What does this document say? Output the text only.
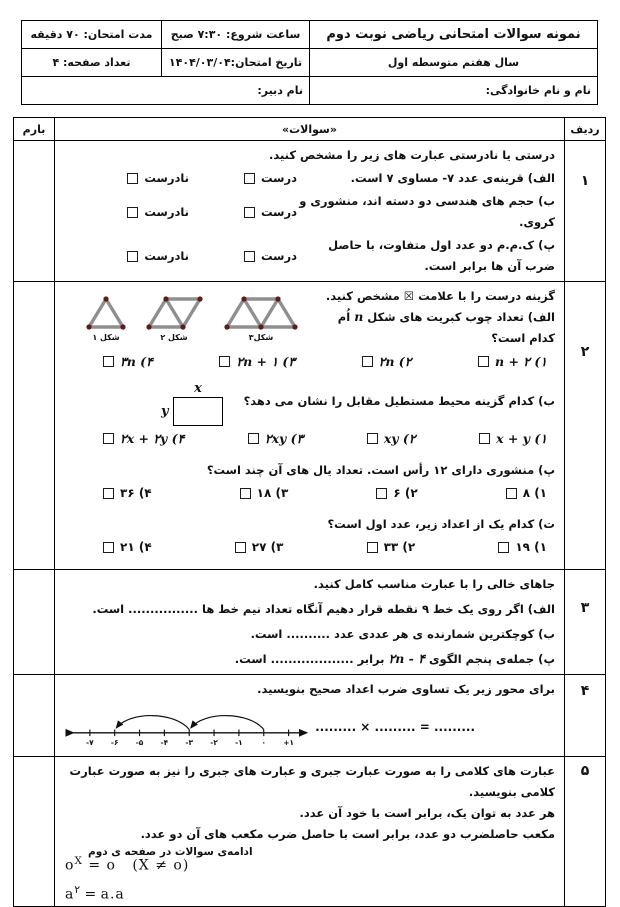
نمونه سوالات امتحانی ریاضی نوبت دوم	ساعت شروع: ۷:۳۰ صبح	مدت امتحان: ۷۰ دقیقه
سال هفتم متوسطه اول	تاریخ امتحان:۱۴۰۴/۰۳/۰۴	تعداد صفحه: ۴
نام و نام خانوادگی:	نام دبیر:	
ردیف	«سوالات»	بارم
۱	
درستی یا نادرستی عبارت های زیر را مشخص کنید.
الف) قرینه‌ی عدد ۷- مساوی ۷ است.
درست
نادرست
ب) حجم های هندسی دو دسته اند، منشوری و کروی.
درست
نادرست
پ) ک.م.م دو عدد اول متفاوت، با حاصل ضرب آن ها برابر است.
درست
نادرست

۲	
گزینه درست را با علامت ☒ مشخص کنید.
الف) تعداد چوب کبریت های شکل n اُم کدام است؟
شکل ۱	شکل ۲	شکل۳
n + ۲ (۱
۲n (۲
۲n + ۱ (۳
۳n (۴
ب) کدام گزینه محیط مستطیل مقابل را نشان می دهد؟
x
y
x + y (۱
xy (۲
۲xy (۳
۲x + ۲y (۴
پ) منشوری دارای ۱۲ رأس است. تعداد یال های آن چند است؟
۸ (۱
۶ (۲
۱۸ (۳
۳۶ (۴
ت) کدام یک از اعداد زیر، عدد اول است؟
۱۹ (۱
۳۳ (۲
۲۷ (۳
۲۱ (۴

۳	جاهای خالی را با عبارت مناسب کامل کنید.
الف) اگر روی یک خط ۹ نقطه قرار دهیم آنگاه تعداد نیم خط ها ................ است.
ب) کوچکترین شمارنده ی هر عددی عدد .......... است.
پ) جمله‌ی پنجم الگوی ۲n - ۴ برابر ................... است.	

۴	
برای محور زیر یک تساوی ضرب اعداد صحیح بنویسید.
......... × ......... = .........
-۷ -۶ -۵ -۴ -۳ -۲ -۱ ۰ +۱

۵	عبارت های کلامی را به صورت عبارت جبری و عبارت های جبری را نیز به صورت عبارت کلامی بنویسید.
هر عدد به توان یک، برابر است با خود آن عدد.
مکعب حاصلضرب دو عدد، برابر است با حاصل ضرب مکعب های آن دو عدد.
$o^X = o$ (X ≠ o)
$a^۲ = a.a$	

ادامه‌ی سوالات در صفحه ی دوم
